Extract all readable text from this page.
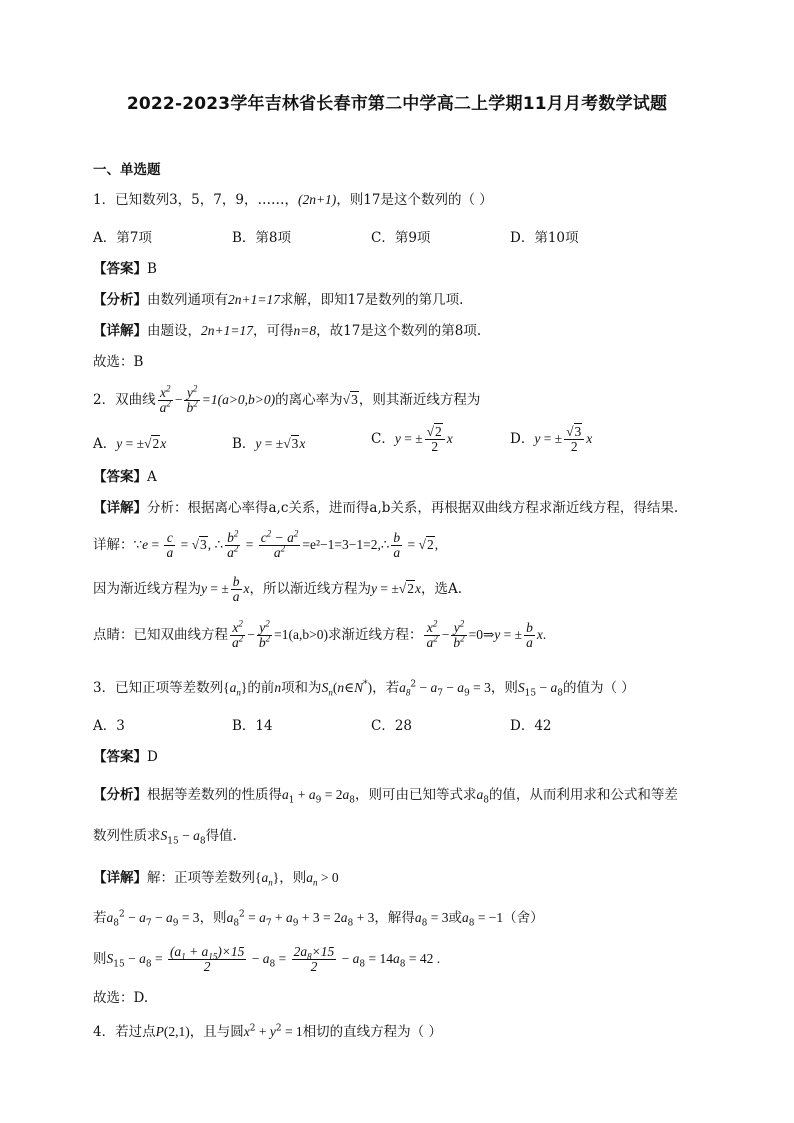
2022-2023学年吉林省长春市第二中学高二上学期11月月考数学试题
一、单选题
1．已知数列3，5，7，9，……，(2n+1)，则17是这个数列的（ ）
A．第7项	B．第8项	C．第9项	D．第10项
【答案】B
【分析】由数列通项有2n+1=17求解，即知17是数列的第几项.
【详解】由题设，2n+1=17，可得n=8，故17是这个数列的第8项.
故选：B
2．双曲线 $\frac{x^2}{a^2} - \frac{y^2}{b^2} =1(a>0,b>0)$的离心率为√3，则其渐近线方程为
A．y = ±√2x	B．y = ±√3x	C．y = ± $\frac{√2}{2}$ x	D．y = ± $\frac{√3}{2}$ x
【答案】A
【详解】分析：根据离心率得a,c关系，进而得a,b关系，再根据双曲线方程求渐近线方程，得结果.
详解：∵e = $\frac{c}{a} = √3$, ∴ $\frac{b^2}{a^2} = \frac{c^2 - a^2}{a^2}$ =e²−1=3−1=2,∴ $\frac{b}{a} = √2$,
因为渐近线方程为y = ± $\frac{b}{a}$ x，所以渐近线方程为y = ±√2x，选A.
点睛：已知双曲线方程 $\frac{x^2}{a^2} - \frac{y^2}{b^2} =1(a,b>0)$求渐近线方程： $\frac{x^2}{a^2} - \frac{y^2}{b^2}$ =0⇒y = ± $\frac{b}{a} x$.
3．已知正项等差数列$\{a_n\}$的前n项和为$S_n(n\in N^*)$，若$a_8^2 - a_7 - a_9 = 3$，则$S_{15} - a_8$的值为（ ）
A．3	B．14	C．28	D．42
【答案】D
【分析】根据等差数列的性质得$a_1 + a_9 = 2a_8$，则可由已知等式求$a_8$的值，从而利用求和公式和等差
数列性质求$S_{15} - a_8$得值.
【详解】解：正项等差数列$\{a_n\}$，则$a_n > 0$
若$a_8^2 - a_7 - a_9 = 3$，则$a_8^2 = a_7 + a_9 + 3 = 2a_8 + 3$，解得$a_8 = 3$或$a_8 = -1$（舍）
则$S_{15} - a_8 = \frac{(a_1 + a_{15})\times 15}{2} - a_8 = \frac{2a_8\times 15}{2} - a_8 = 14a_8 = 42$ .
故选：D.
4．若过点P(2,1)，且与圆$x^2 + y^2 = 1$相切的直线方程为（ ）
